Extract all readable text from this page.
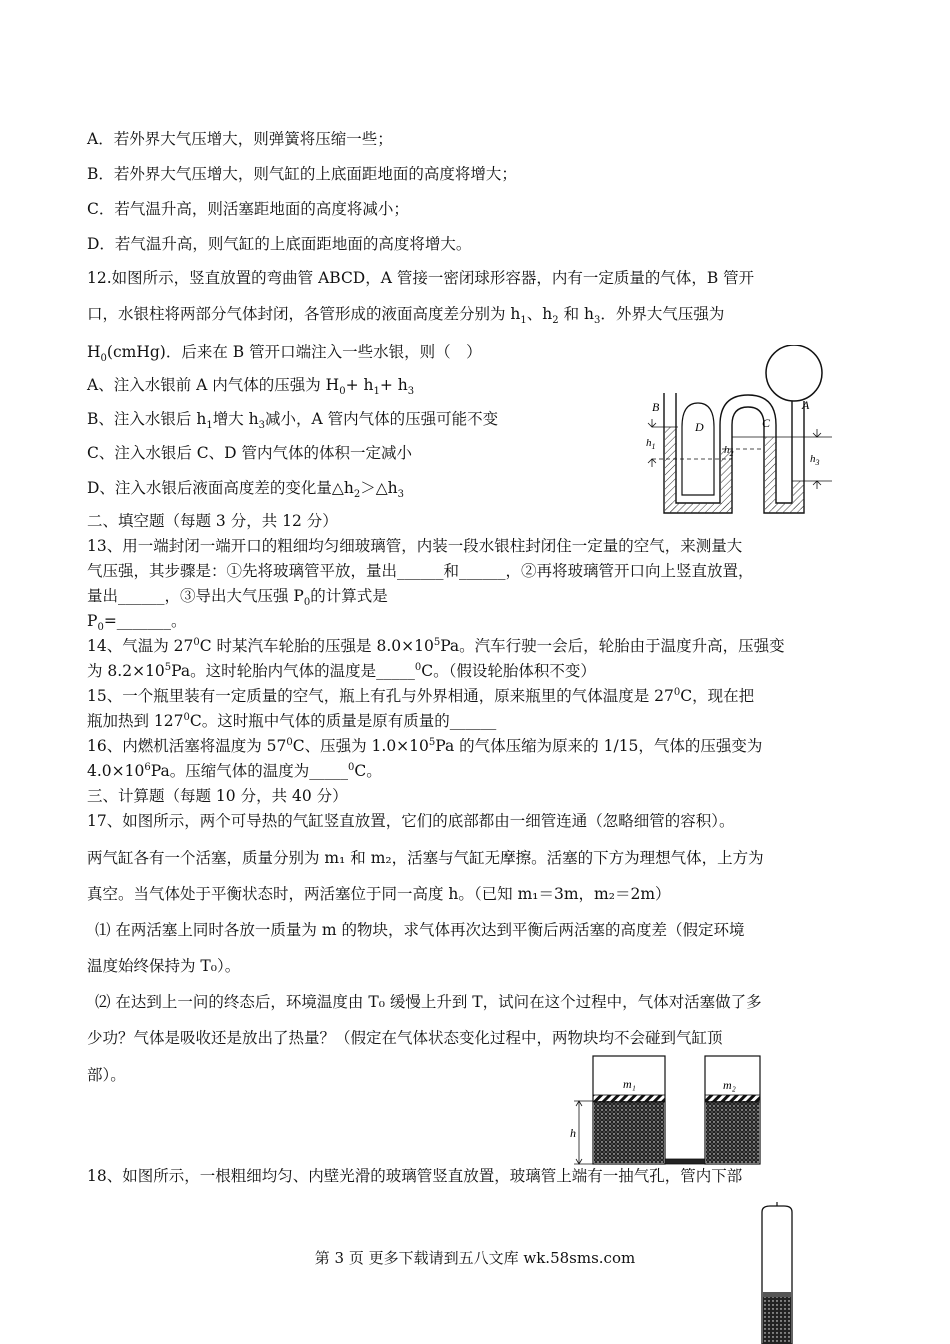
A．若外界大气压增大，则弹簧将压缩一些；
B．若外界大气压增大，则气缸的上底面距地面的高度将增大；
C．若气温升高，则活塞距地面的高度将减小；
D．若气温升高，则气缸的上底面距地面的高度将增大。
12.如图所示，竖直放置的弯曲管 ABCD，A 管接一密闭球形容器，内有一定质量的气体，B 管开
口，水银柱将两部分气体封闭，各管形成的液面高度差分别为 $h_1$、$h_2$ 和 $h_3$．外界大气压强为
$H_0(cmHg)$．后来在 B 管开口端注入一些水银，则（　）
A、注入水银前 A 内气体的压强为 $H_0+ h_1+ h_3$
B、注入水银后 $h_1$增大 $h_3$减小，A 管内气体的压强可能不变
C、注入水银后 C、D 管内气体的体积一定减小
D、注入水银后液面高度差的变化量$\triangle h_2>\triangle h_3$
B	A
C
D
$h_1$	$h_2$	$h_3$
二、填空题（每题 3 分，共 12 分）
13、用一端封闭一端开口的粗细均匀细玻璃管，内装一段水银柱封闭住一定量的空气，来测量大
气压强，其步骤是：①先将玻璃管平放，量出______和______，②再将玻璃管开口向上竖直放置，
量出______，③导出大气压强 $P_0$的计算式是
$P_0=\_\_\_\_\_\_\_$。
14、气温为 $27^0C$ 时某汽车轮胎的压强是 $8.0\times 10^5Pa$。汽车行驶一会后，轮胎由于温度升高，压强变
为 $8.2\times 10^5Pa$。这时轮胎内气体的温度是_____$^0$C。（假设轮胎体积不变）
15、一个瓶里装有一定质量的空气，瓶上有孔与外界相通，原来瓶里的气体温度是 $27^0C$，现在把
瓶加热到 $127^0C$。这时瓶中气体的质量是原有质量的______
16、内燃机活塞将温度为 $57^0C$、压强为 $1.0\times 10^5Pa$ 的气体压缩为原来的 1/15，气体的压强变为
$4.0\times 10^6Pa$。压缩气体的温度为_____$^0$C。
三、计算题（每题 10 分，共 40 分）
17、如图所示，两个可导热的气缸竖直放置，它们的底部都由一细管连通（忽略细管的容积）。
两气缸各有一个活塞，质量分别为 m₁ 和 m₂，活塞与气缸无摩擦。活塞的下方为理想气体，上方为
真空。当气体处于平衡状态时，两活塞位于同一高度 h。（已知 m₁＝3m，m₂＝2m）
⑴ 在两活塞上同时各放一质量为 m 的物块，求气体再次达到平衡后两活塞的高度差（假定环境
温度始终保持为 T₀）。
⑵ 在达到上一问的终态后，环境温度由 T₀ 缓慢上升到 T，试问在这个过程中，气体对活塞做了多
少功？气体是吸收还是放出了热量？（假定在气体状态变化过程中，两物块均不会碰到气缸顶
部）。	m₁	m₂
h
18、如图所示，一根粗细均匀、内壁光滑的玻璃管竖直放置，玻璃管上端有一抽气孔，管内下部
第 3 页 更多下载请到五八文库 wk.58sms.com
